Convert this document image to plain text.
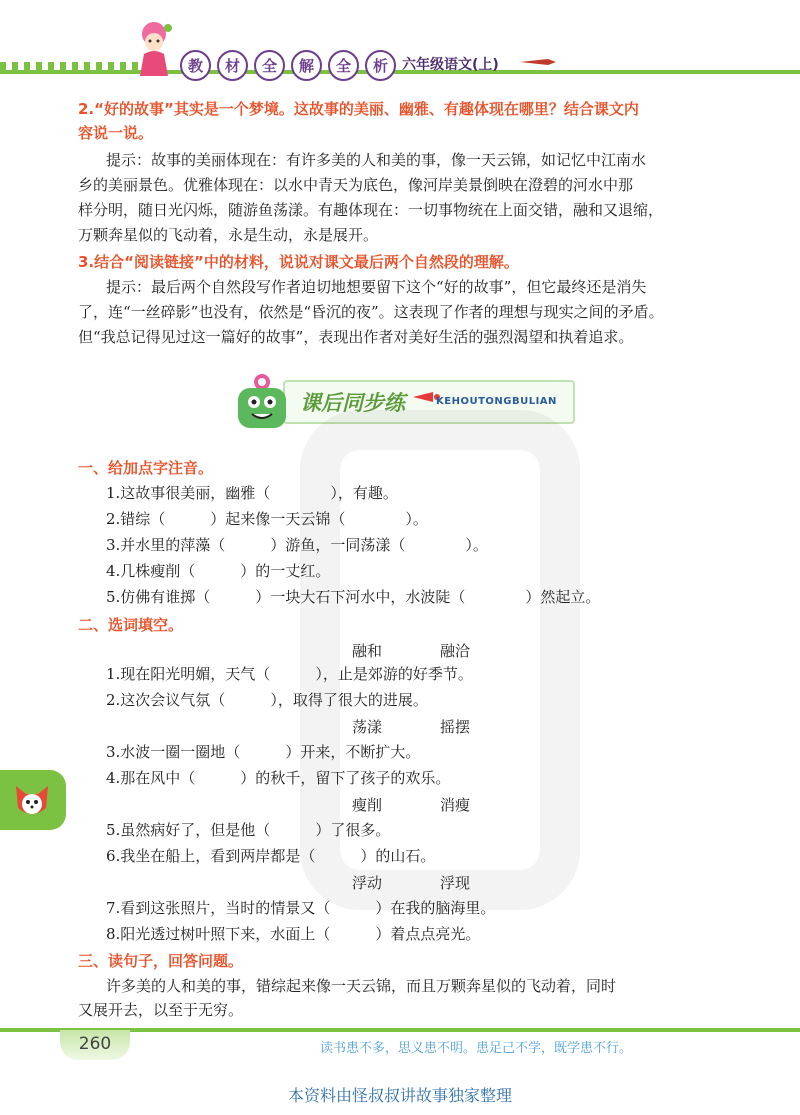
教	材	全	解	全	析	六年级语文(上)
2.“好的故事”其实是一个梦境。这故事的美丽、幽雅、有趣体现在哪里？结合课文内
容说一说。
提示：故事的美丽体现在：有许多美的人和美的事，像一天云锦，如记忆中江南水
乡的美丽景色。优雅体现在：以水中青天为底色，像河岸美景倒映在澄碧的河水中那
样分明，随日光闪烁，随游鱼荡漾。有趣体现在：一切事物统在上面交错，融和又退缩，
万颗奔星似的飞动着，永是生动，永是展开。
3.结合“阅读链接”中的材料，说说对课文最后两个自然段的理解。
提示：最后两个自然段写作者迫切地想要留下这个“好的故事”，但它最终还是消失
了，连“一丝碎影”也没有，依然是“昏沉的夜”。这表现了作者的理想与现实之间的矛盾。
但“我总记得见过这一篇好的故事”，表现出作者对美好生活的强烈渴望和执着追求。
课后同步练	KEHOUTONGBULIAN
一、给加点字注音。
1.这故事很美丽，幽雅（　　　　），有趣。
2.错综（　　　）起来像一天云锦（　　　　）。
3.并水里的萍藻（　　　）游鱼，一同荡漾（　　　　）。
4.几株瘦削（　　　）的一丈红。
5.仿佛有谁掷（　　　）一块大石下河水中，水波陡（　　　　）然起立。
二、选词填空。
融和	融洽
1.现在阳光明媚，天气（　　　），止是郊游的好季节。
2.这次会议气氛（　　　），取得了很大的进展。
荡漾	摇摆
3.水波一圈一圈地（　　　）开来，不断扩大。
4.那在风中（　　　）的秋千，留下了孩子的欢乐。
瘦削	消瘦
5.虽然病好了，但是他（　　　）了很多。
6.我坐在船上，看到两岸都是（　　　）的山石。
浮动	浮现
7.看到这张照片，当时的情景又（　　　）在我的脑海里。
8.阳光透过树叶照下来，水面上（　　　）着点点亮光。
三、读句子，回答问题。
许多美的人和美的事，错综起来像一天云锦，而且万颗奔星似的飞动着，同时
又展开去，以至于无穷。
260	读书患不多，思义患不明。患足己不学，既学患不行。
本资料由怪叔叔讲故事独家整理
